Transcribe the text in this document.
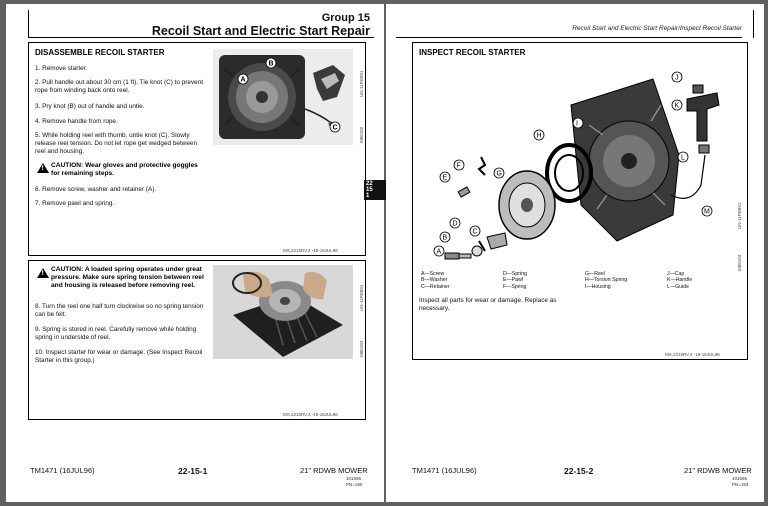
Group 15
Recoil Start and Electric Start Repair
DISASSEMBLE RECOIL STARTER
1. Remove starter.
2. Pull handle out about 30 cm (1 ft). Tie knot (C) to prevent rope from winding back onto reel.
3. Pry knot (B) out of handle and untie.
4. Remove handle from rope.
5. While holding reel with thumb, untie knot (C). Slowly release reel tension. Do not let rope get wedged between reel and housing.
!
CAUTION: Wear gloves and protective goggles for remaining steps.
6. Remove screw, washer and retainer (A).
7. Remove pawl and spring.
A
B
C	M86102
UN-11FEB91
MX,2215RV,2 -19-16JUL96
!
CAUTION: A loaded spring operates under great pressure. Make sure spring tension between reel and housing is released before removing reel.
8. Turn the reel one half turn clockwise so no spring tension can be felt.
9. Spring is stored in reel. Carefully remove while holding spring in underside of reel.
10. Inspect starter for wear or damage. (See Inspect Recoil Starter in this group.)
M86103
UN-11FEB91
MX,2215RV,3 -19-16JUL96
TM1471 (16JUL96)	22-15-1	21" RDWB MOWER
101596
PN=190
22
15
1
Recoil Start and Electric Start Repair/Inspect Recoil Starter
INSPECT RECOIL STARTER
I
H
G
F
E
D
C
B
A
J
K
L
M
M86104
UN-11FEB91
A—Screw
B—Washer
C—Retainer
D—Spring
E—Pawl
F—Spring
G—Reel
H—Torsion Spring
I—Housing
J—Cap
K—Handle
L—Guide
Inspect all parts for wear or damage. Replace as necessary.
MX,2215RV,4 -19-16JUL96
TM1471 (16JUL96)	22-15-2	21" RDWB MOWER
101596
PN=193
